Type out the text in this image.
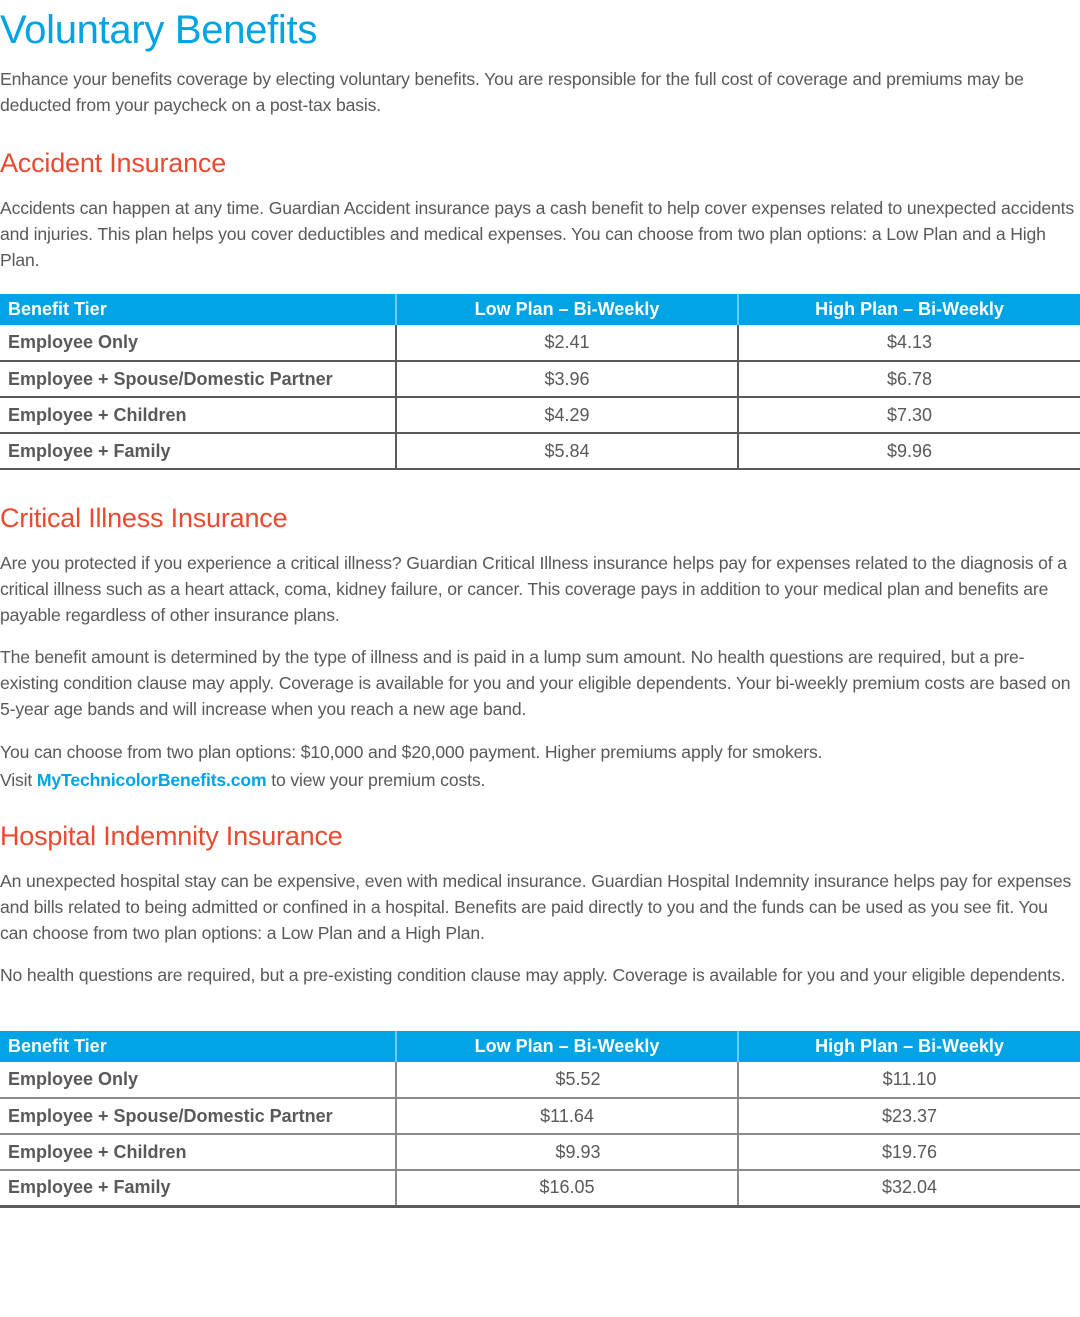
Voluntary Benefits

Enhance your benefits coverage by electing voluntary benefits. You are responsible for the full cost of coverage and premiums may be deducted from your paycheck on a post-tax basis.

Accident Insurance

Accidents can happen at any time. Guardian Accident insurance pays a cash benefit to help cover expenses related to unexpected accidents and injuries. This plan helps you cover deductibles and medical expenses. You can choose from two plan options: a Low Plan and a High Plan.

Benefit Tier	Low Plan – Bi-Weekly	High Plan – Bi-Weekly
Employee Only	$2.41	$4.13
Employee + Spouse/Domestic Partner	$3.96	$6.78
Employee + Children	$4.29	$7.30
Employee + Family	$5.84	$9.96
Critical Illness Insurance

Are you protected if you experience a critical illness? Guardian Critical Illness insurance helps pay for expenses related to the diagnosis of a critical illness such as a heart attack, coma, kidney failure, or cancer. This coverage pays in addition to your medical plan and benefits are payable regardless of other insurance plans.

The benefit amount is determined by the type of illness and is paid in a lump sum amount. No health questions are required, but a pre-existing condition clause may apply. Coverage is available for you and your eligible dependents. Your bi-weekly premium costs are based on 5-year age bands and will increase when you reach a new age band.

You can choose from two plan options: $10,000 and $20,000 payment. Higher premiums apply for smokers.
Visit MyTechnicolorBenefits.com to view your premium costs.

Hospital Indemnity Insurance

An unexpected hospital stay can be expensive, even with medical insurance. Guardian Hospital Indemnity insurance helps pay for expenses and bills related to being admitted or confined in a hospital. Benefits are paid directly to you and the funds can be used as you see fit. You can choose from two plan options: a Low Plan and a High Plan.

No health questions are required, but a pre-existing condition clause may apply. Coverage is available for you and your eligible dependents.

Benefit Tier	Low Plan – Bi-Weekly	High Plan – Bi-Weekly
Employee Only	$5.52	$11.10
Employee + Spouse/Domestic Partner	$11.64	$23.37
Employee + Children	$9.93	$19.76
Employee + Family	$16.05	$32.04
